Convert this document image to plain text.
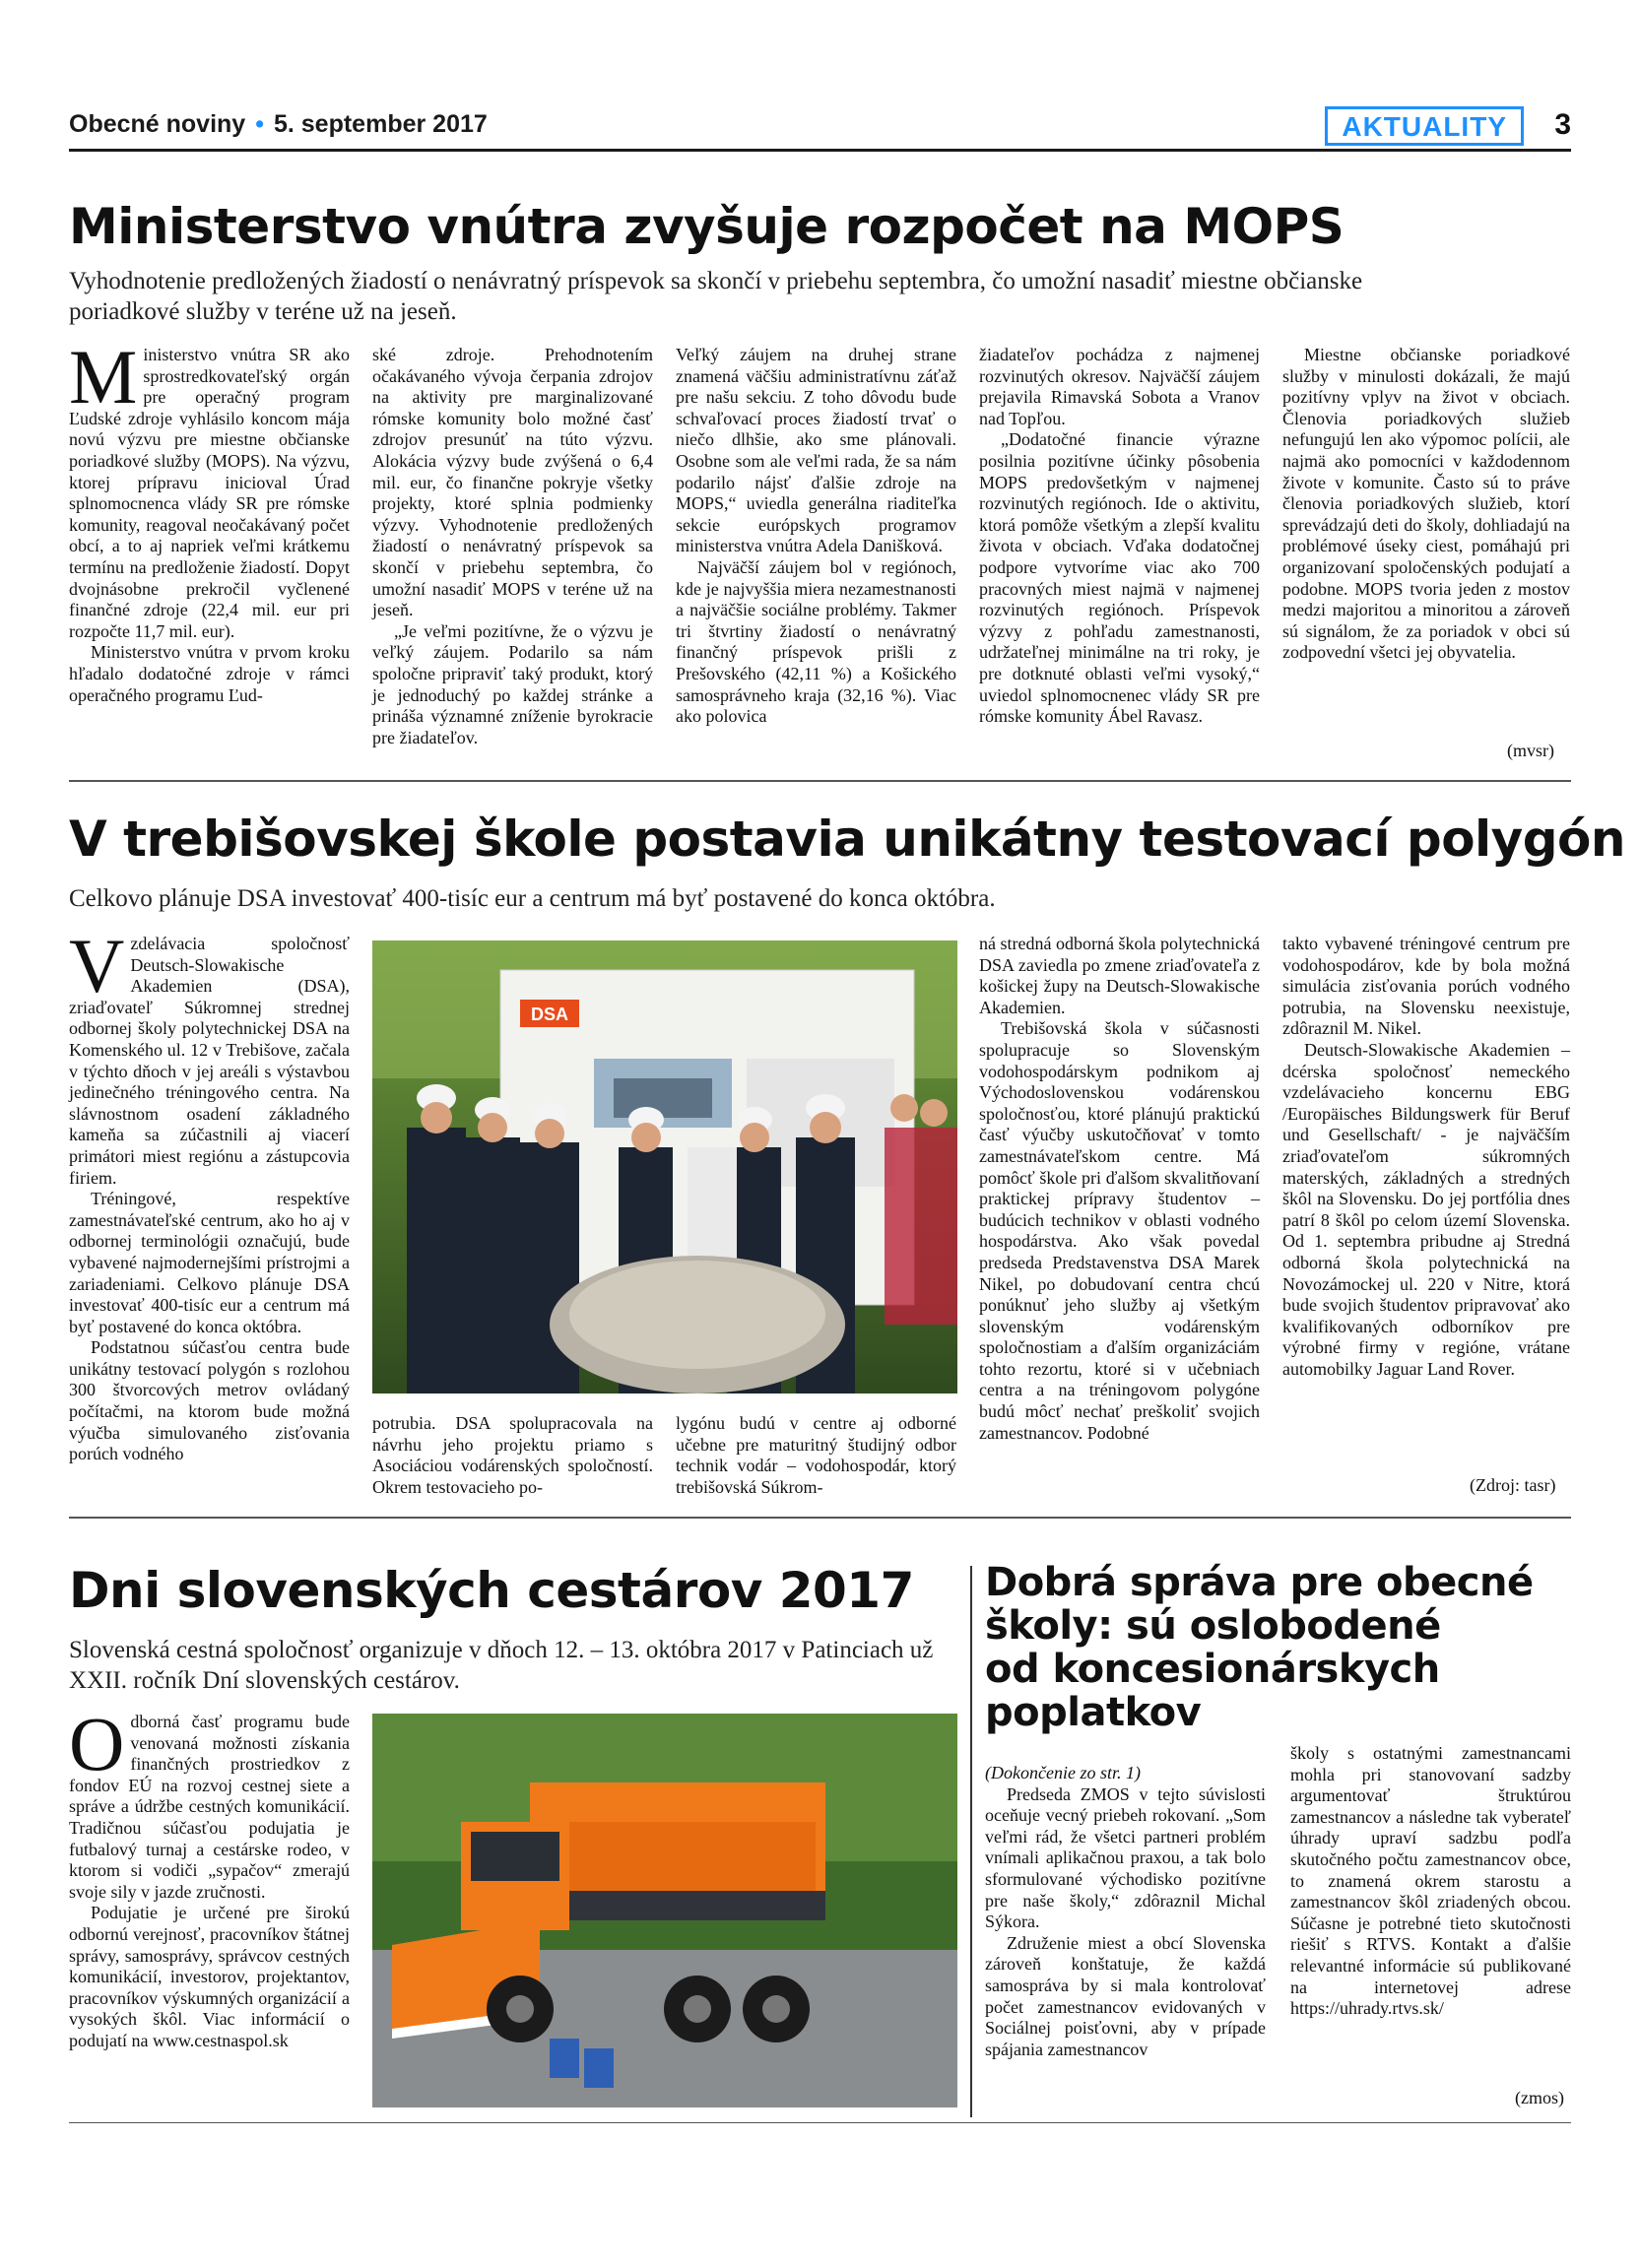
Obecné noviny • 5. september 2017	AKTUALITY	3
Ministerstvo vnútra zvyšuje rozpočet na MOPS

Vyhodnotenie predložených žiadostí o nenávratný príspevok sa skončí v priebehu septembra, čo umožní nasadiť miestne občianske poriadkové služby v teréne už na jeseň.

Ministerstvo vnútra SR ako sprostredkovateľský orgán pre operačný program Ľudské zdroje vyhlásilo koncom mája novú výzvu pre miestne občianske poriadkové služby (MOPS). Na výzvu, ktorej prípravu inicioval Úrad splnomocnenca vlády SR pre rómske komunity, reagoval neočakávaný počet obcí, a to aj napriek veľmi krátkemu termínu na predloženie žiadostí. Dopyt dvojnásobne prekročil vyčlenené finančné zdroje (22,4 mil. eur pri rozpočte 11,7 mil. eur).

Ministerstvo vnútra v prvom kroku hľadalo dodatočné zdroje v rámci operačného programu Ľud-

ské zdroje. Prehodnotením očakávaného vývoja čerpania zdrojov na aktivity pre marginalizované rómske komunity bolo možné časť zdrojov presunúť na túto výzvu. Alokácia výzvy bude zvýšená o 6,4 mil. eur, čo finančne pokryje všetky projekty, ktoré splnia podmienky výzvy. Vyhodnotenie predložených žiadostí o nenávratný príspevok sa skončí v priebehu septembra, čo umožní nasadiť MOPS v teréne už na jeseň.

„Je veľmi pozitívne, že o výzvu je veľký záujem. Podarilo sa nám spoločne pripraviť taký produkt, ktorý je jednoduchý po každej stránke a prináša významné zníženie byrokracie pre žiadateľov.

Veľký záujem na druhej strane znamená väčšiu administratívnu záťaž pre našu sekciu. Z toho dôvodu bude schvaľovací proces žiadostí trvať o niečo dlhšie, ako sme plánovali. Osobne som ale veľmi rada, že sa nám podarilo nájsť ďalšie zdroje na MOPS,“ uviedla generálna riaditeľka sekcie európskych programov ministerstva vnútra Adela Danišková.

Najväčší záujem bol v regiónoch, kde je najvyššia miera nezamestnanosti a najväčšie sociálne problémy. Takmer tri štvrtiny žiadostí o nenávratný finančný príspevok prišli z Prešovského (42,11 %) a Košického samosprávneho kraja (32,16 %). Viac ako polovica

žiadateľov pochádza z najmenej rozvinutých okresov. Najväčší záujem prejavila Rimavská Sobota a Vranov nad Topľou.

„Dodatočné financie výrazne posilnia pozitívne účinky pôsobenia MOPS predovšetkým v najmenej rozvinutých regiónoch. Ide o aktivitu, ktorá pomôže všetkým a zlepší kvalitu života v obciach. Vďaka dodatočnej podpore vytvoríme viac ako 700 pracovných miest najmä v najmenej rozvinutých regiónoch. Príspevok výzvy z pohľadu zamestnanosti, udržateľnej minimálne na tri roky, je pre dotknuté oblasti veľmi vysoký,“ uviedol splnomocnenec vlády SR pre rómske komunity Ábel Ravasz.

Miestne občianske poriadkové služby v minulosti dokázali, že majú pozitívny vplyv na život v obciach. Členovia poriadkových služieb nefungujú len ako výpomoc polícii, ale najmä ako pomocníci v každodennom živote v komunite. Často sú to práve členovia poriadkových služieb, ktorí sprevádzajú deti do školy, dohliadajú na problémové úseky ciest, pomáhajú pri organizovaní spoločenských podujatí a podobne. MOPS tvoria jeden z mostov medzi majoritou a minoritou a zároveň sú signálom, že za poriadok v obci sú zodpovední všetci jej obyvatelia.

(mvsr)
V trebišovskej škole postavia unikátny testovací polygón

Celkovo plánuje DSA investovať 400-tisíc eur a centrum má byť postavené do konca októbra.

Vzdelávacia spoločnosť Deutsch-Slowakische Akademien (DSA), zriaďovateľ Súkromnej strednej odbornej školy polytechnickej DSA na Komenského ul. 12 v Trebišove, začala v týchto dňoch v jej areáli s výstavbou jedinečného tréningového centra. Na slávnostnom osadení základného kameňa sa zúčastnili aj viacerí primátori miest regiónu a zástupcovia firiem.

Tréningové, respektíve zamestnávateľské centrum, ako ho aj v odbornej terminológii označujú, bude vybavené najmodernejšími prístrojmi a zariadeniami. Celkovo plánuje DSA investovať 400-tisíc eur a centrum má byť postavené do konca októbra.

Podstatnou súčasťou centra bude unikátny testovací polygón s rozlohou 300 štvorcových metrov ovládaný počítačmi, na ktorom bude možná výučba simulovaného zisťovania porúch vodného

DSA

potrubia. DSA spolupracovala na návrhu jeho projektu priamo s Asociáciou vodárenských spoločností. Okrem testovacieho po-

lygónu budú v centre aj odborné učebne pre maturitný študijný odbor technik vodár – vodohospodár, ktorý trebišovská Súkrom-

ná stredná odborná škola polytechnická DSA zaviedla po zmene zriaďovateľa z košickej župy na Deutsch-Slowakische Akademien.

Trebišovská škola v súčasnosti spolupracuje so Slovenským vodohospodárskym podnikom aj Východoslovenskou vodárenskou spoločnosťou, ktoré plánujú praktickú časť výučby uskutočňovať v tomto zamestnávateľskom centre. Má pomôcť škole pri ďalšom skvalitňovaní praktickej prípravy študentov – budúcich technikov v oblasti vodného hospodárstva. Ako však povedal predseda Predstavenstva DSA Marek Nikel, po dobudovaní centra chcú ponúknuť jeho služby aj všetkým slovenským vodárenským spoločnostiam a ďalším organizáciám tohto rezortu, ktoré si v učebniach centra a na tréningovom polygóne budú môcť nechať preškoliť svojich zamestnancov. Podobné

takto vybavené tréningové centrum pre vodohospodárov, kde by bola možná simulácia zisťovania porúch vodného potrubia, na Slovensku neexistuje, zdôraznil M. Nikel.

Deutsch-Slowakische Akademien – dcérska spoločnosť nemeckého vzdelávacieho koncernu EBG /Europäisches Bildungswerk für Beruf und Gesellschaft/ - je najväčším zriaďovateľom súkromných materských, základných a stredných škôl na Slovensku. Do jej portfólia dnes patrí 8 škôl po celom území Slovenska. Od 1. septembra pribudne aj Stredná odborná škola polytechnická na Novozámockej ul. 220 v Nitre, ktorá bude svojich študentov pripravovať ako kvalifikovaných odborníkov pre výrobné firmy v regióne, vrátane automobilky Jaguar Land Rover.

(Zdroj: tasr)
Dni slovenských cestárov 2017

Slovenská cestná spoločnosť organizuje v dňoch 12. – 13. októbra 2017 v Patinciach už XXII. ročník Dní slovenských cestárov.

Odborná časť programu bude venovaná možnosti získania finančných prostriedkov z fondov EÚ na rozvoj cestnej siete a správe a údržbe cestných komunikácií. Tradičnou súčasťou podujatia je futbalový turnaj a cestárske rodeo, v ktorom si vodiči „sypačov“ zmerajú svoje sily v jazde zručnosti.

Podujatie je určené pre širokú odbornú verejnosť, pracovníkov štátnej správy, samosprávy, správcov cestných komunikácií, investorov, projektantov, pracovníkov výskumných organizácií a vysokých škôl. Viac informácií o podujatí na www.cestnaspol.sk

Dobrá správa pre obecné
školy: sú oslobodené
od koncesionárskych
poplatkov

(Dokončenie zo str. 1)

Predseda ZMOS v tejto súvislosti oceňuje vecný priebeh rokovaní. „Som veľmi rád, že všetci partneri problém vnímali aplikačnou praxou, a tak bolo sformulované východisko pozitívne pre naše školy,“ zdôraznil Michal Sýkora.

Združenie miest a obcí Slovenska zároveň konštatuje, že každá samospráva by si mala kontrolovať počet zamestnancov evidovaných v Sociálnej poisťovni, aby v prípade spájania zamestnancov

školy s ostatnými zamestnancami mohla pri stanovovaní sadzby argumentovať štruktúrou zamestnancov a následne tak vyberateľ úhrady upraví sadzbu podľa skutočného počtu zamestnancov obce, to znamená okrem starostu a zamestnancov škôl zriadených obcou. Súčasne je potrebné tieto skutočnosti riešiť s RTVS. Kontakt a ďalšie relevantné informácie sú publikované na internetovej adrese https://uhrady.rtvs.sk/

(zmos)
